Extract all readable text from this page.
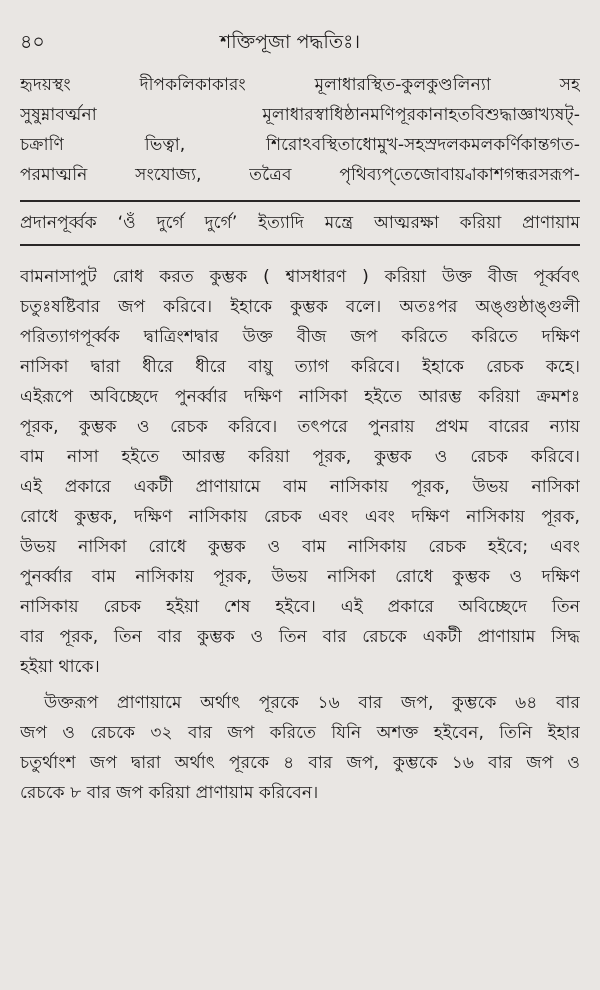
৪০	শক্তিপূজা পদ্ধতিঃ।
হৃদয়স্থং দীপকলিকাকারং মূলাধারস্থিত-কুলকুণ্ডলিন্যা সহ
সুষুম্নাবর্ত্মনা মূলাধারস্বাধিষ্ঠানমণিপূরকানাহতবিশুদ্ধাজ্ঞাখ্যষট্-
চক্রাণি ভিত্বা, শিরোঽবস্থিতাধোমুখ-সহস্রদলকমলকর্ণিকান্তগত-
পরমাত্মনি সংযোজ্য, তত্রৈব পৃথিব্যপ্‌তেজোবায়্বাকাশগন্ধরসরূপ-
প্রদানপূর্ব্বক ‘ওঁ দুর্গে দুর্গে’ ইত্যাদি মন্ত্রে আত্মরক্ষা করিয়া প্রাণায়াম
বামনাসাপুট রোধ করত কুম্ভক ( শ্বাসধারণ ) করিয়া উক্ত বীজ পূর্ব্ববৎ
চতুঃষষ্টিবার জপ করিবে। ইহাকে কুম্ভক বলে। অতঃপর অঙ্গুষ্ঠাঙ্গুলী
পরিত্যাগপূর্ব্বক দ্বাত্রিংশদ্বার উক্ত বীজ জপ করিতে করিতে দক্ষিণ
নাসিকা দ্বারা ধীরে ধীরে বায়ু ত্যাগ করিবে। ইহাকে রেচক কহে।
এইরূপে অবিচ্ছেদে পুনর্ব্বার দক্ষিণ নাসিকা হইতে আরম্ভ করিয়া ক্রমশঃ
পূরক, কুম্ভক ও রেচক করিবে। তৎপরে পুনরায় প্রথম বারের ন্যায়
বাম নাসা হইতে আরম্ভ করিয়া পূরক, কুম্ভক ও রেচক করিবে।
এই প্রকারে একটী প্রাণায়ামে বাম নাসিকায় পূরক, উভয় নাসিকা
রোধে কুম্ভক, দক্ষিণ নাসিকায় রেচক এবং এবং দক্ষিণ নাসিকায় পূরক,
উভয় নাসিকা রোধে কুম্ভক ও বাম নাসিকায় রেচক হইবে; এবং
পুনর্ব্বার বাম নাসিকায় পূরক, উভয় নাসিকা রোধে কুম্ভক ও দক্ষিণ
নাসিকায় রেচক হইয়া শেষ হইবে। এই প্রকারে অবিচ্ছেদে তিন
বার পূরক, তিন বার কুম্ভক ও তিন বার রেচকে একটী প্রাণায়াম সিদ্ধ
হইয়া থাকে।
উক্তরূপ প্রাণায়ামে অর্থাৎ পূরকে ১৬ বার জপ, কুম্ভকে ৬৪ বার
জপ ও রেচকে ৩২ বার জপ করিতে যিনি অশক্ত হইবেন, তিনি ইহার
চতুর্থাংশ জপ দ্বারা অর্থাৎ পূরকে ৪ বার জপ, কুম্ভকে ১৬ বার জপ ও
রেচকে ৮ বার জপ করিয়া প্রাণায়াম করিবেন।
